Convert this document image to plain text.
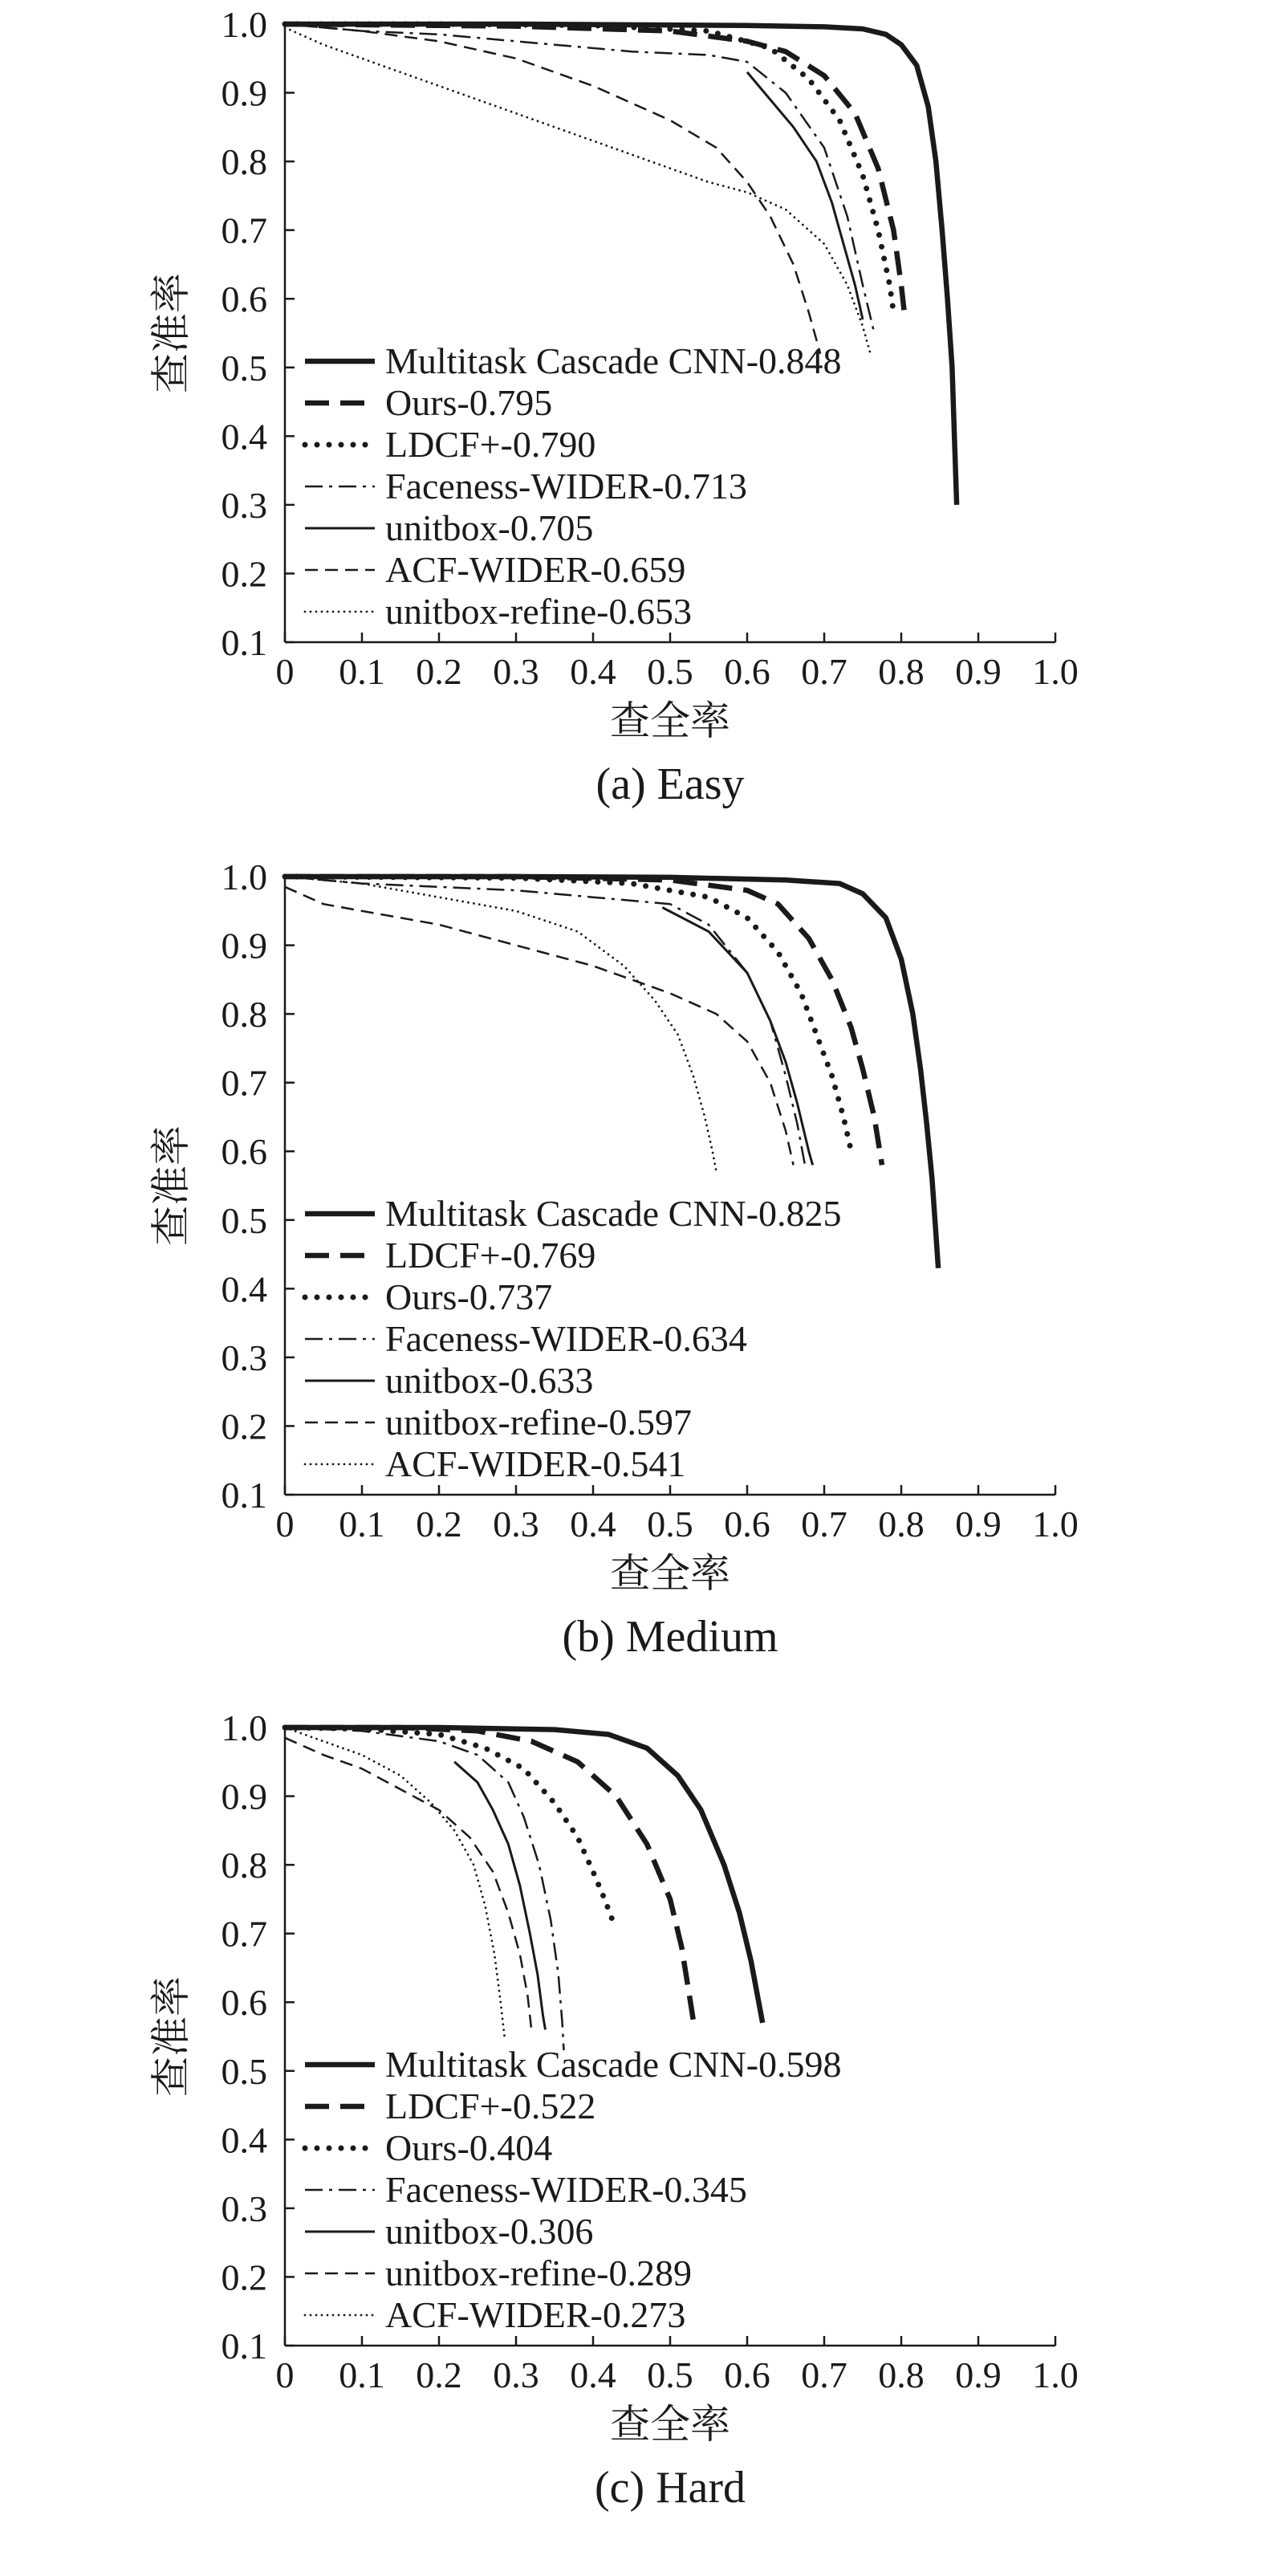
0 0.1 0.2 0.3 0.4 0.5 0.6 0.7 0.8 0.9 1.0
0.1
0.2
0.3
0.4
0.5
0.6
0.7
0.8
0.9
1.0
查全率
查准率
(a) Easy
Multitask Cascade CNN-0.848
Ours-0.795
LDCF+-0.790
Faceness-WIDER-0.713
unitbox-0.705
ACF-WIDER-0.659
unitbox-refine-0.653
0 0.1 0.2 0.3 0.4 0.5 0.6 0.7 0.8 0.9 1.0
0.1
0.2
0.3
0.4
0.5
0.6
0.7
0.8
0.9
1.0
查全率
查准率
(b) Medium
Multitask Cascade CNN-0.825
LDCF+-0.769
Ours-0.737
Faceness-WIDER-0.634
unitbox-0.633
unitbox-refine-0.597
ACF-WIDER-0.541
0 0.1 0.2 0.3 0.4 0.5 0.6 0.7 0.8 0.9 1.0
0.1
0.2
0.3
0.4
0.5
0.6
0.7
0.8
0.9
1.0
查全率
查准率
(c) Hard
Multitask Cascade CNN-0.598
LDCF+-0.522
Ours-0.404
Faceness-WIDER-0.345
unitbox-0.306
unitbox-refine-0.289
ACF-WIDER-0.273
